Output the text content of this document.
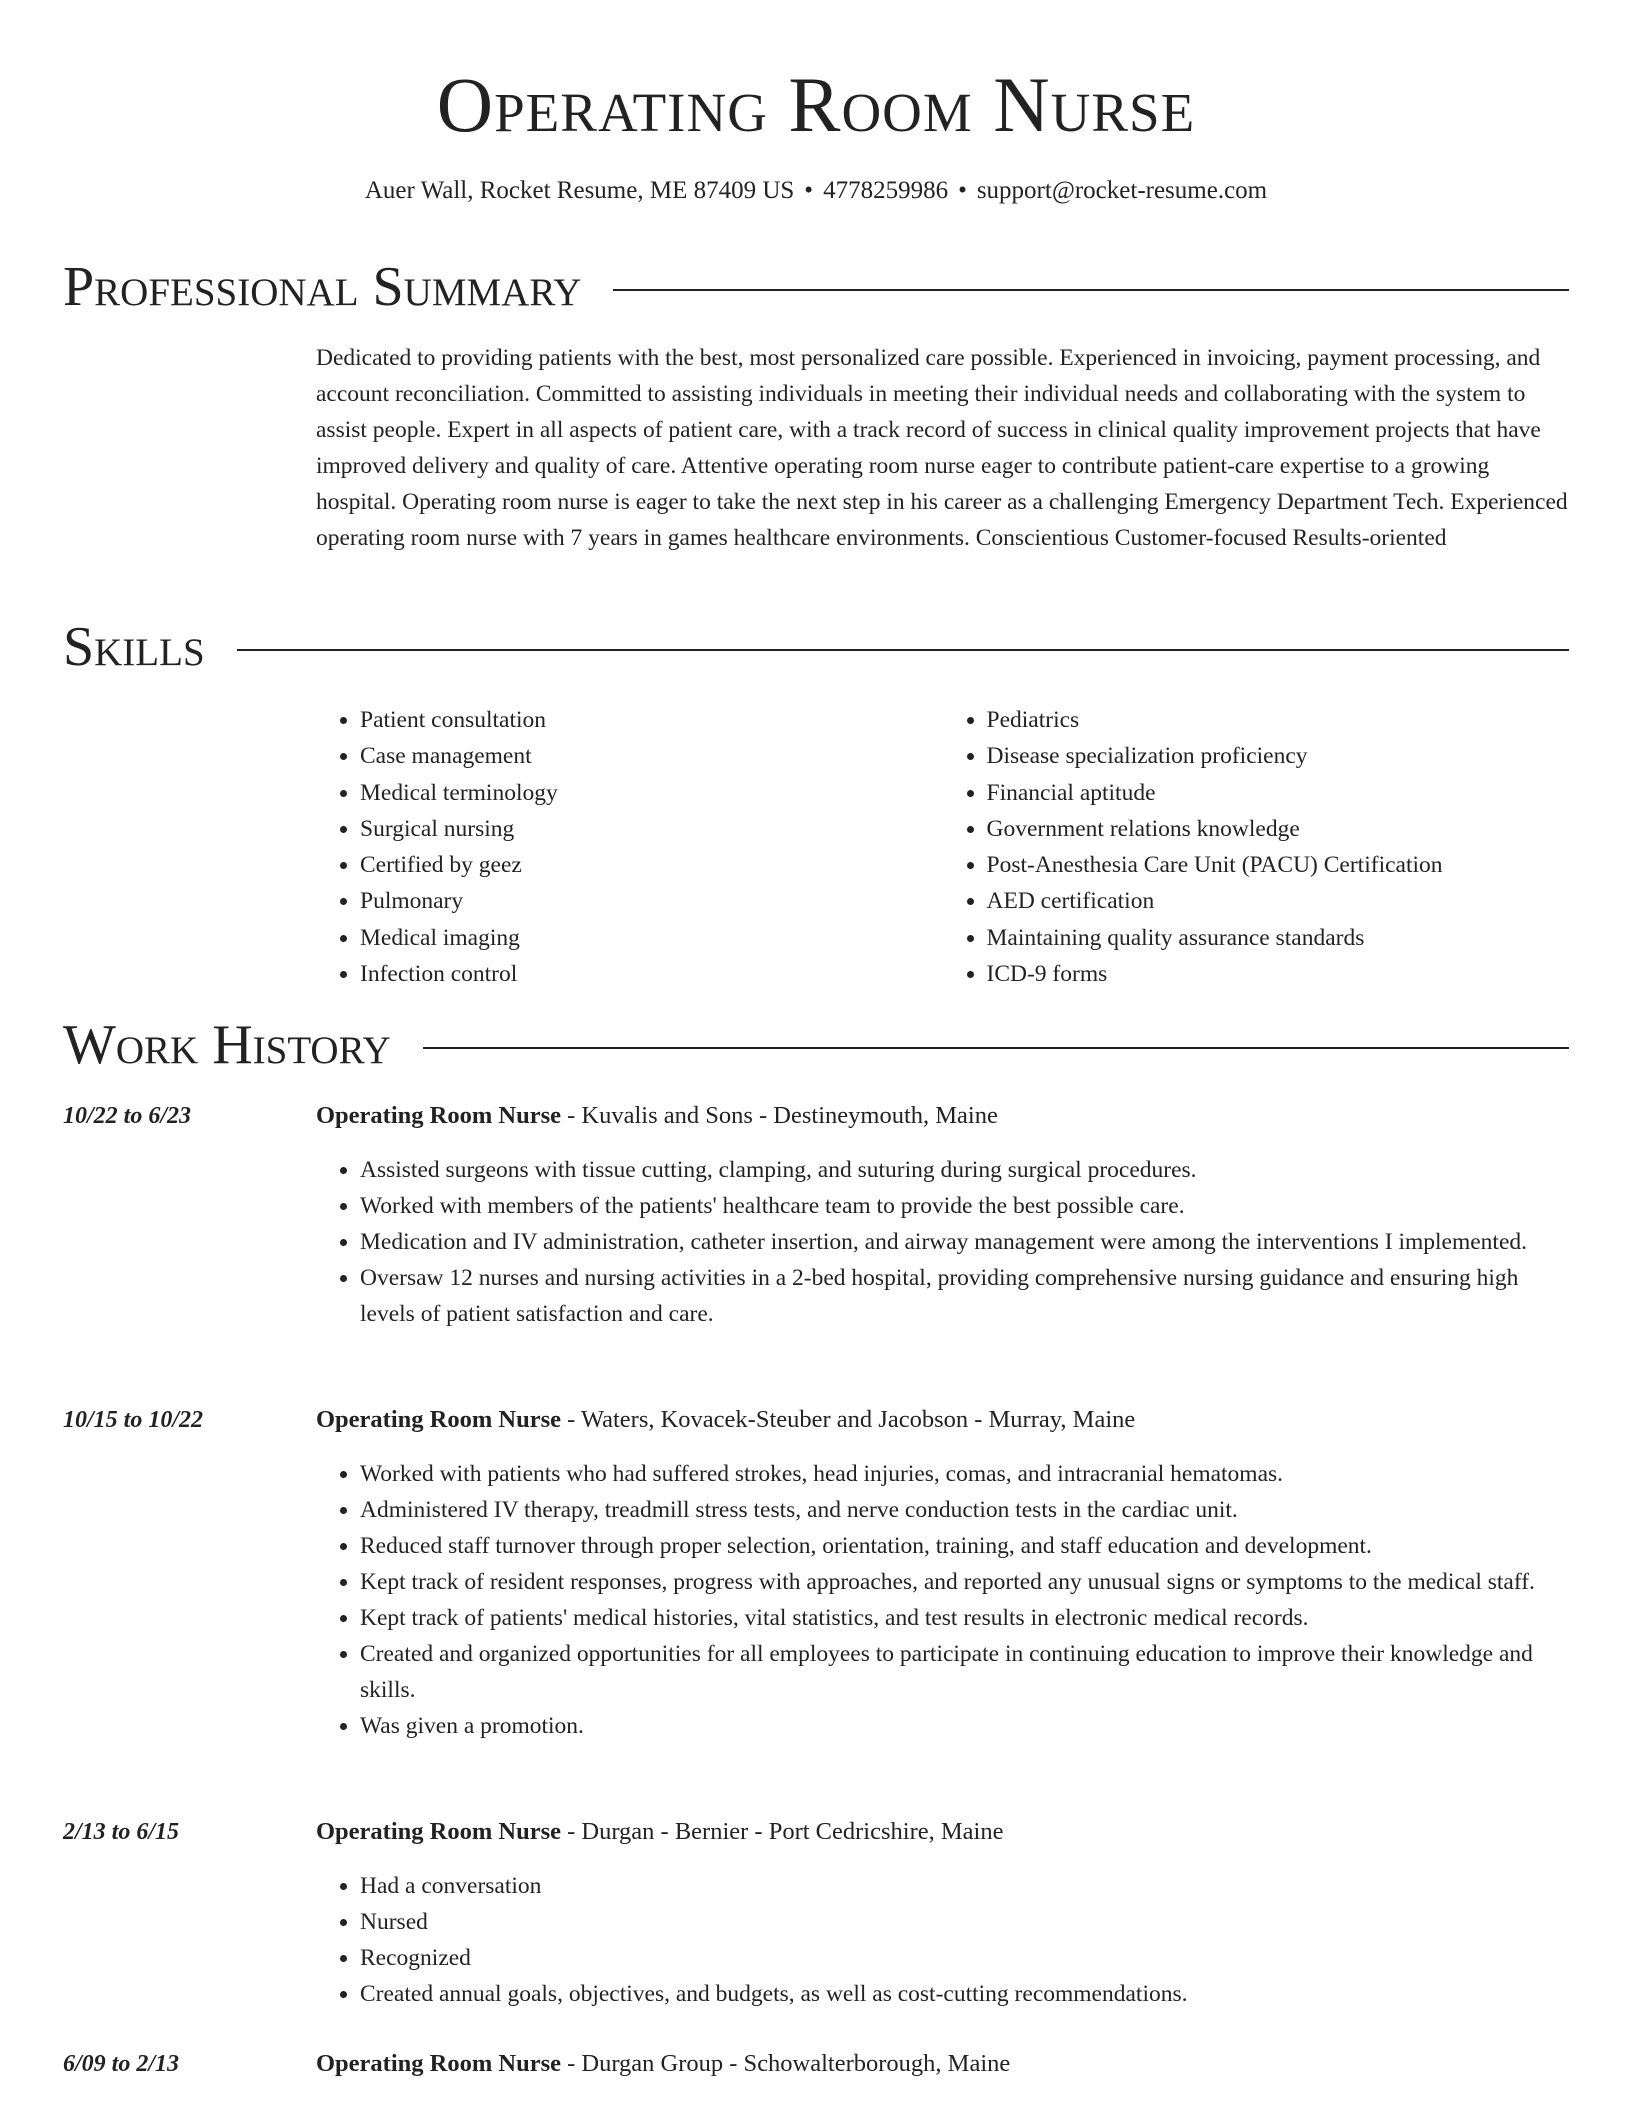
Operating Room Nurse
Auer Wall, Rocket Resume, ME 87409 US • 4778259986 • support@rocket-resume.com
Professional Summary

Dedicated to providing patients with the best, most personalized care possible. Experienced in invoicing, payment processing, and account reconciliation. Committed to assisting individuals in meeting their individual needs and collaborating with the system to assist people. Expert in all aspects of patient care, with a track record of success in clinical quality improvement projects that have improved delivery and quality of care. Attentive operating room nurse eager to contribute patient-care expertise to a growing hospital. Operating room nurse is eager to take the next step in his career as a challenging Emergency Department Tech. Experienced operating room nurse with 7 years in games healthcare environments. Conscientious Customer-focused Results-oriented

Skills
• Patient consultation
• Case management
• Medical terminology
• Surgical nursing
• Certified by geez
• Pulmonary
• Medical imaging
• Infection control
• Pediatrics
• Disease specialization proficiency
• Financial aptitude
• Government relations knowledge
• Post-Anesthesia Care Unit (PACU) Certification
• AED certification
• Maintaining quality assurance standards
• ICD-9 forms
Work History
10/22 to 6/23	Operating Room Nurse - Kuvalis and Sons - Destineymouth, Maine
• Assisted surgeons with tissue cutting, clamping, and suturing during surgical procedures.
• Worked with members of the patients' healthcare team to provide the best possible care.
• Medication and IV administration, catheter insertion, and airway management were among the interventions I implemented.
• Oversaw 12 nurses and nursing activities in a 2-bed hospital, providing comprehensive nursing guidance and ensuring high levels of patient satisfaction and care.
10/15 to 10/22	Operating Room Nurse - Waters, Kovacek-Steuber and Jacobson - Murray, Maine
• Worked with patients who had suffered strokes, head injuries, comas, and intracranial hematomas.
• Administered IV therapy, treadmill stress tests, and nerve conduction tests in the cardiac unit.
• Reduced staff turnover through proper selection, orientation, training, and staff education and development.
• Kept track of resident responses, progress with approaches, and reported any unusual signs or symptoms to the medical staff.
• Kept track of patients' medical histories, vital statistics, and test results in electronic medical records.
• Created and organized opportunities for all employees to participate in continuing education to improve their knowledge and skills.
• Was given a promotion.
2/13 to 6/15	Operating Room Nurse - Durgan - Bernier - Port Cedricshire, Maine
• Had a conversation
• Nursed
• Recognized
• Created annual goals, objectives, and budgets, as well as cost-cutting recommendations.
6/09 to 2/13	Operating Room Nurse - Durgan Group - Schowalterborough, Maine
